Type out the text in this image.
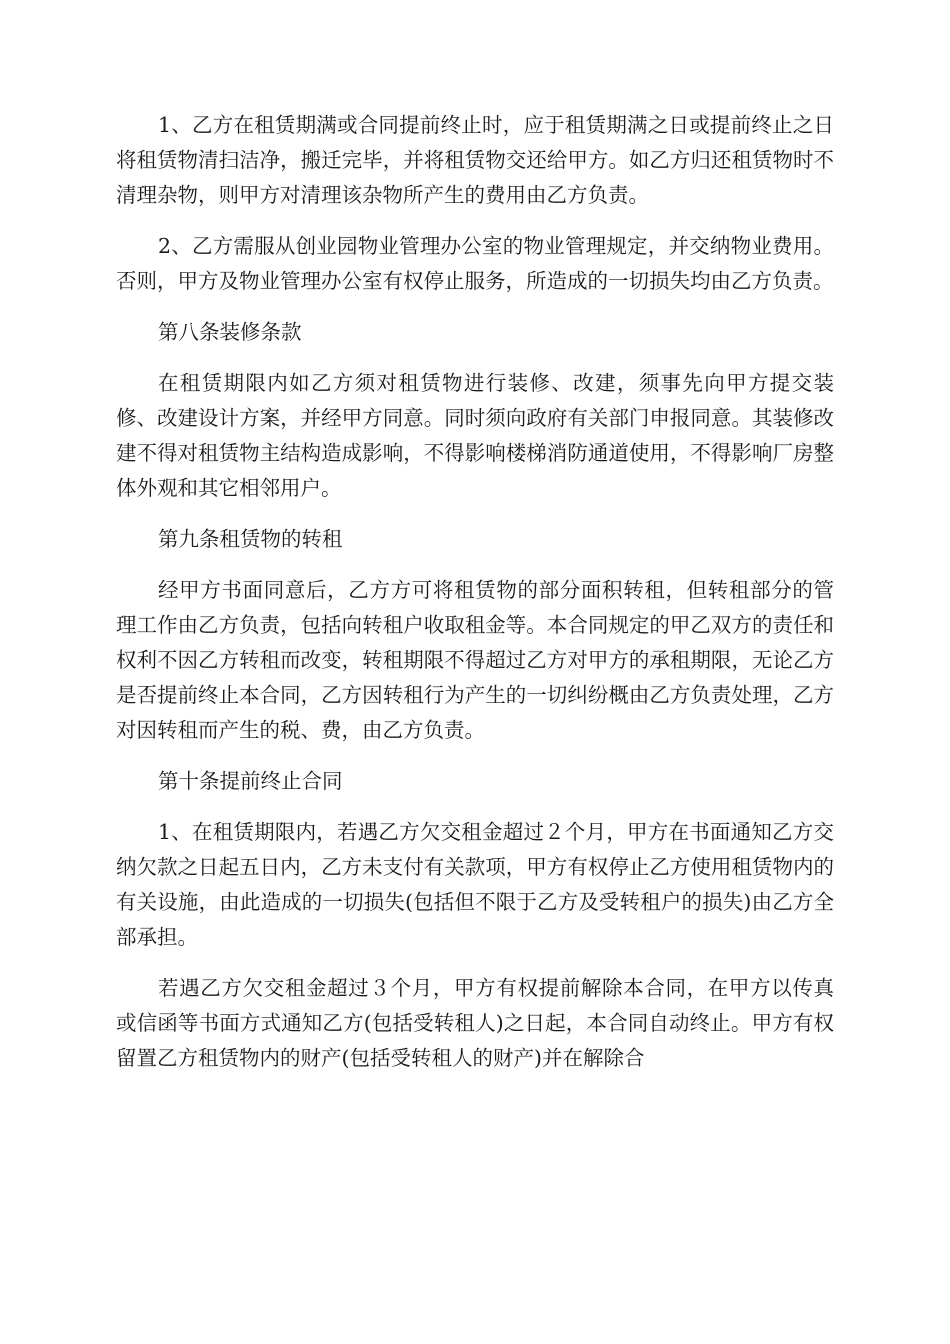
1、乙方在租赁期满或合同提前终止时，应于租赁期满之日或提前终止之日将租赁物清扫洁净，搬迁完毕，并将租赁物交还给甲方。如乙方归还租赁物时不清理杂物，则甲方对清理该杂物所产生的费用由乙方负责。

2、乙方需服从创业园物业管理办公室的物业管理规定，并交纳物业费用。否则，甲方及物业管理办公室有权停止服务，所造成的一切损失均由乙方负责。

第八条装修条款

在租赁期限内如乙方须对租赁物进行装修、改建，须事先向甲方提交装修、改建设计方案，并经甲方同意。同时须向政府有关部门申报同意。其装修改建不得对租赁物主结构造成影响，不得影响楼梯消防通道使用，不得影响厂房整体外观和其它相邻用户。

第九条租赁物的转租

经甲方书面同意后，乙方方可将租赁物的部分面积转租，但转租部分的管理工作由乙方负责，包括向转租户收取租金等。本合同规定的甲乙双方的责任和权利不因乙方转租而改变，转租期限不得超过乙方对甲方的承租期限，无论乙方是否提前终止本合同，乙方因转租行为产生的一切纠纷概由乙方负责处理，乙方对因转租而产生的税、费，由乙方负责。

第十条提前终止合同

1、在租赁期限内，若遇乙方欠交租金超过２个月，甲方在书面通知乙方交纳欠款之日起五日内，乙方未支付有关款项，甲方有权停止乙方使用租赁物内的有关设施，由此造成的一切损失(包括但不限于乙方及受转租户的损失)由乙方全部承担。

若遇乙方欠交租金超过３个月，甲方有权提前解除本合同，在甲方以传真或信函等书面方式通知乙方(包括受转租人)之日起，本合同自动终止。甲方有权留置乙方租赁物内的财产(包括受转租人的财产)并在解除合
